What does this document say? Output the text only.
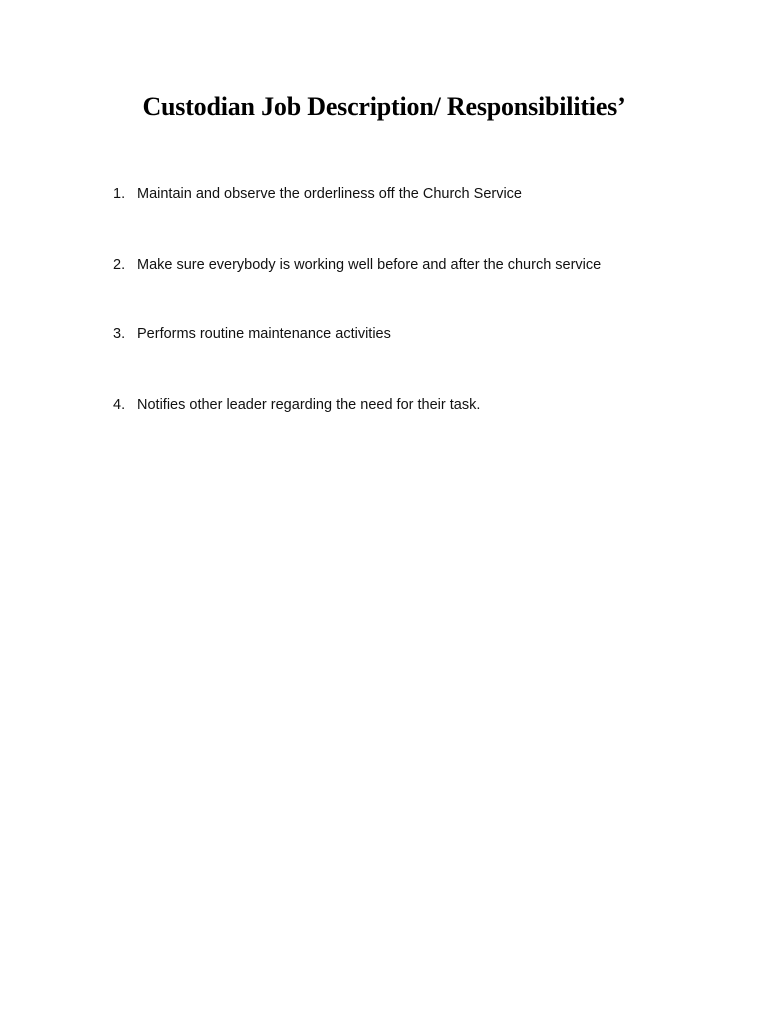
Custodian Job Description/ Responsibilities’
1. Maintain and observe the orderliness off the Church Service
2. Make sure everybody is working well before and after the church service
3. Performs routine maintenance activities
4. Notifies other leader regarding the need for their task.
